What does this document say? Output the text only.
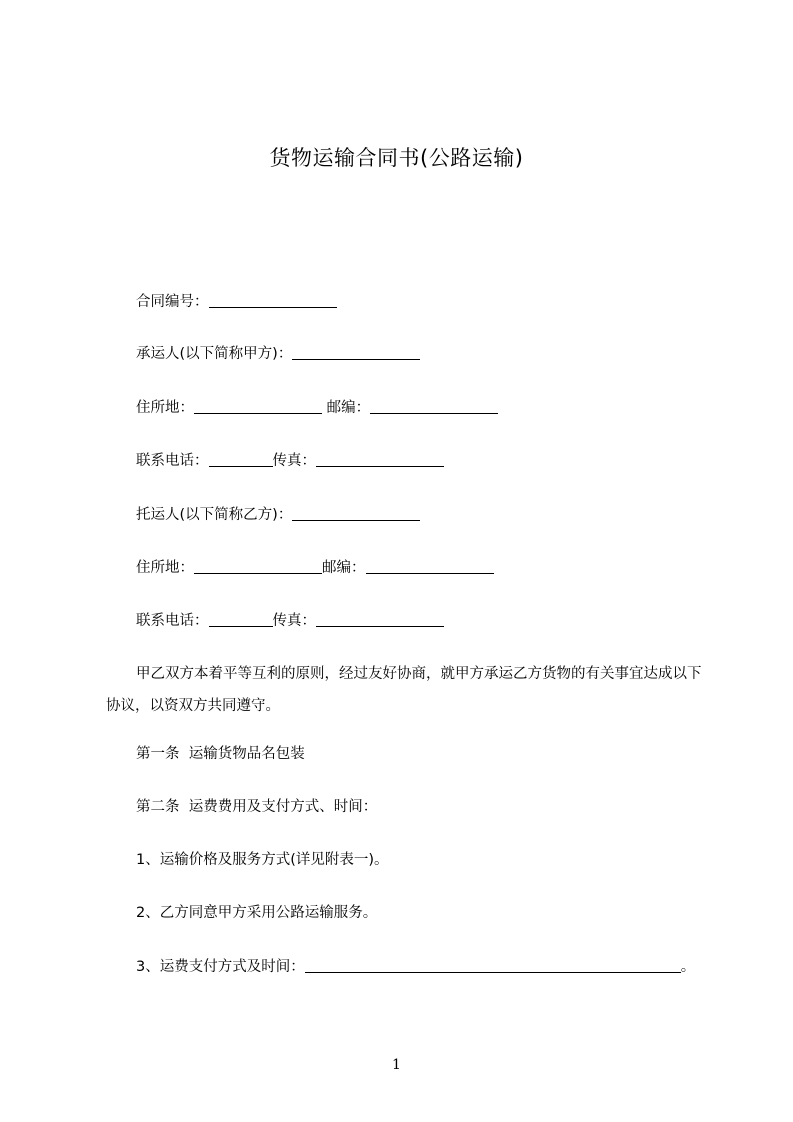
货物运输合同书(公路运输)
合同编号：
承运人(以下简称甲方)：
住所地：	邮编：
联系电话：	传真：
托运人(以下简称乙方)：
住所地：	邮编：
联系电话：	传真：
甲乙双方本着平等互利的原则，经过友好协商，就甲方承运乙方货物的有关事宜达成以下协议，以资双方共同遵守。
第一条  运输货物品名包装
第二条  运费费用及支付方式、时间：
1、运输价格及服务方式(详见附表一)。
2、乙方同意甲方采用公路运输服务。
3、运费支付方式及时间：	。
1
